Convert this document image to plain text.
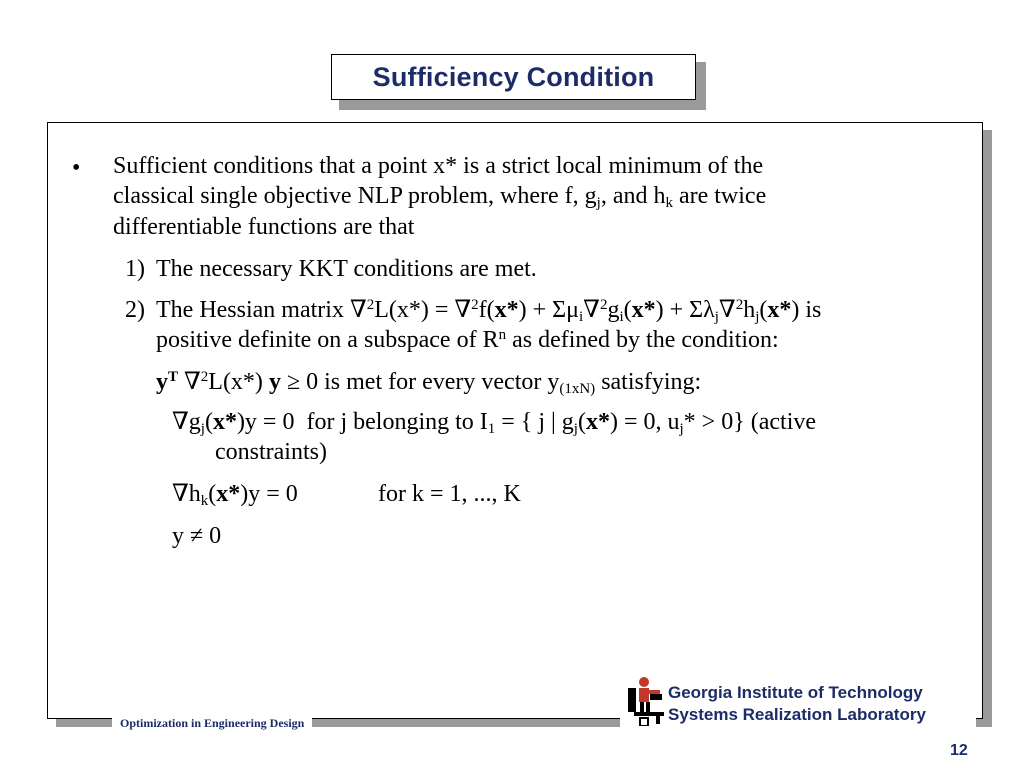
Sufficiency Condition
• Sufficient conditions that a point x* is a strict local minimum of the
classical single objective NLP problem, where f, $g_j$, and $h_k$ are twice
differentiable functions are that
1) The necessary KKT conditions are met.
2) The Hessian matrix $\nabla^2L(x*) = \nabla^2f(x*) + \Sigma\mu_i\nabla^2g_i(x*) + \Sigma\lambda_j\nabla^2h_j(x*)$ is
positive definite on a subspace of $R^n$ as defined by the condition:
$y^T$ ∇$^2$L(x*) y ≥ 0 is met for every vector $y_{(1xN)}$ satisfying:
$\nabla g_j(x*)y = 0$  for j belonging to $I_1$ = { j | $g_j(x*) = 0$, $u_j* > 0$} (active
constraints)
$\nabla h_k(x*)y = 0$	for k = 1, ..., K
y ≠ 0
Optimization in Engineering Design
Georgia Institute of Technology
Systems Realization Laboratory
12
